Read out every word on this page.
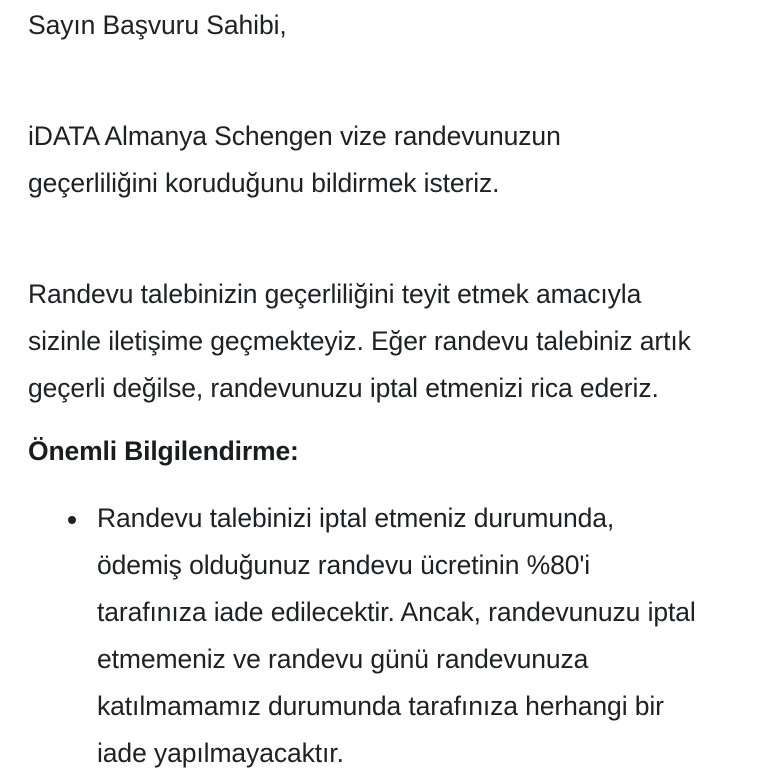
Sayın Başvuru Sahibi,

iDATA Almanya Schengen vize randevunuzun
geçerliliğini koruduğunu bildirmek isteriz.

Randevu talebinizin geçerliliğini teyit etmek amacıyla
sizinle iletişime geçmekteyiz. Eğer randevu talebiniz artık
geçerli değilse, randevunuzu iptal etmenizi rica ederiz.

Önemli Bilgilendirme:

Randevu talebinizi iptal etmeniz durumunda,
ödemiş olduğunuz randevu ücretinin %80'i
tarafınıza iade edilecektir. Ancak, randevunuzu iptal
etmemeniz ve randevu günü randevunuza
katılmamamız durumunda tarafınıza herhangi bir
iade yapılmayacaktır.
